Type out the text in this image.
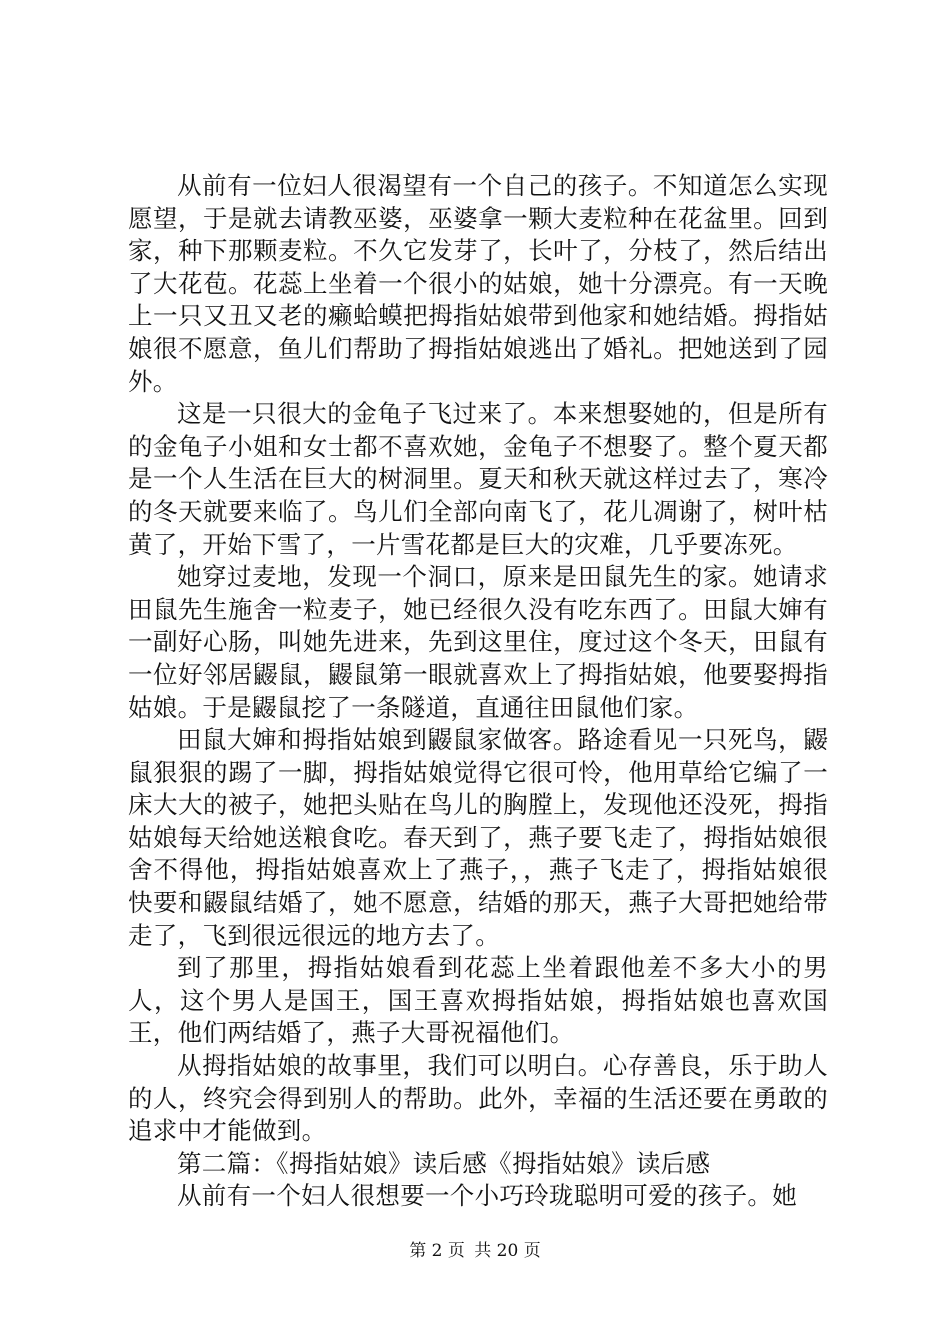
从前有一位妇人很渴望有一个自己的孩子。不知道怎么实现愿望，于是就去请教巫婆，巫婆拿一颗大麦粒种在花盆里。回到家，种下那颗麦粒。不久它发芽了，长叶了，分枝了，然后结出了大花苞。花蕊上坐着一个很小的姑娘，她十分漂亮。有一天晚上一只又丑又老的癞蛤蟆把拇指姑娘带到他家和她结婚。拇指姑娘很不愿意，鱼儿们帮助了拇指姑娘逃出了婚礼。把她送到了园外。

这是一只很大的金龟子飞过来了。本来想娶她的，但是所有的金龟子小姐和女士都不喜欢她，金龟子不想娶了。整个夏天都是一个人生活在巨大的树洞里。夏天和秋天就这样过去了，寒冷的冬天就要来临了。鸟儿们全部向南飞了，花儿凋谢了，树叶枯黄了，开始下雪了，一片雪花都是巨大的灾难，几乎要冻死。

她穿过麦地，发现一个洞口，原来是田鼠先生的家。她请求田鼠先生施舍一粒麦子，她已经很久没有吃东西了。田鼠大婶有一副好心肠，叫她先进来，先到这里住，度过这个冬天，田鼠有一位好邻居鼹鼠，鼹鼠第一眼就喜欢上了拇指姑娘，他要娶拇指姑娘。于是鼹鼠挖了一条隧道，直通往田鼠他们家。

田鼠大婶和拇指姑娘到鼹鼠家做客。路途看见一只死鸟，鼹鼠狠狠的踢了一脚，拇指姑娘觉得它很可怜，他用草给它编了一床大大的被子，她把头贴在鸟儿的胸膛上，发现他还没死，拇指姑娘每天给她送粮食吃。春天到了，燕子要飞走了，拇指姑娘很舍不得他，拇指姑娘喜欢上了燕子，，燕子飞走了，拇指姑娘很快要和鼹鼠结婚了，她不愿意，结婚的那天，燕子大哥把她给带走了，飞到很远很远的地方去了。

到了那里，拇指姑娘看到花蕊上坐着跟他差不多大小的男人，这个男人是国王，国王喜欢拇指姑娘，拇指姑娘也喜欢国王，他们两结婚了，燕子大哥祝福他们。

从拇指姑娘的故事里，我们可以明白。心存善良，乐于助人的人，终究会得到别人的帮助。此外，幸福的生活还要在勇敢的追求中才能做到。

第二篇：《拇指姑娘》读后感《拇指姑娘》读后感

从前有一个妇人很想要一个小巧玲珑聪明可爱的孩子。她

第 2 页 共 20 页
